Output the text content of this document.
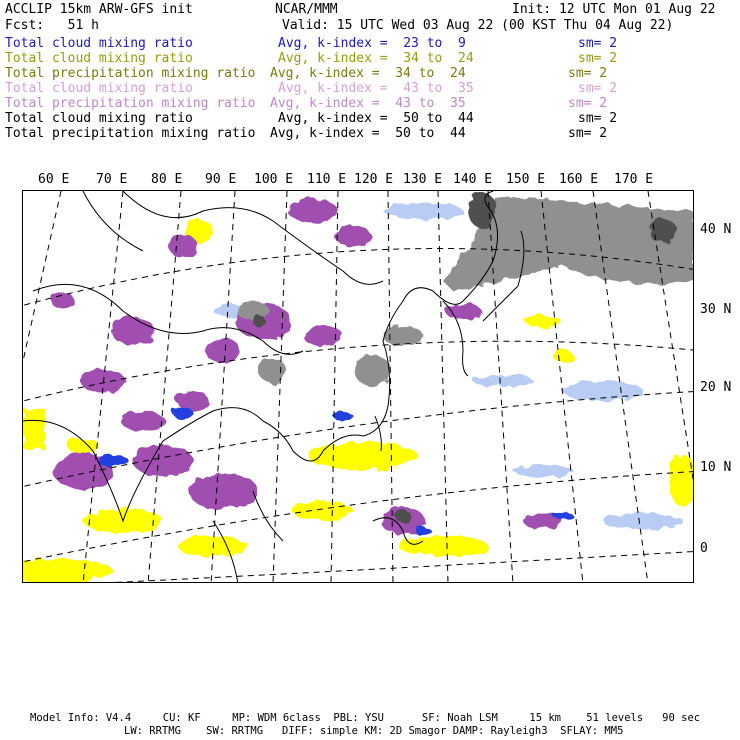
ACCLIP 15km ARW-GFS init	NCAR/MMM	Init: 12 UTC Mon 01 Aug 22
Fcst:   51 h	Valid: 15 UTC Wed 03 Aug 22 (00 KST Thu 04 Aug 22)
Total cloud mixing ratio	Avg, k-index =  23 to  9	sm= 2
Total cloud mixing ratio	Avg, k-index =  34 to  24	sm= 2
Total precipitation mixing ratio Avg, k-index =  34 to  24	sm= 2
Total cloud mixing ratio	Avg, k-index =  43 to  35	sm= 2
Total precipitation mixing ratio Avg, k-index =  43 to  35	sm= 2
Total cloud mixing ratio	Avg, k-index =  50 to  44	sm= 2
Total precipitation mixing ratio Avg, k-index =  50 to  44	sm= 2
60 E 70 E 80 E 90 E 100 E 110 E 120 E 130 E 140 E 150 E 160 E 170 E
40 N
30 N
20 N
10 N
0
Model Info: V4.4     CU: KF     MP: WDM 6class  PBL: YSU      SF: Noah LSM     15 km    51 levels   90 sec
LW: RRTMG    SW: RRTMG   DIFF: simple KM: 2D Smagor DAMP: Rayleigh3  SFLAY: MM5
